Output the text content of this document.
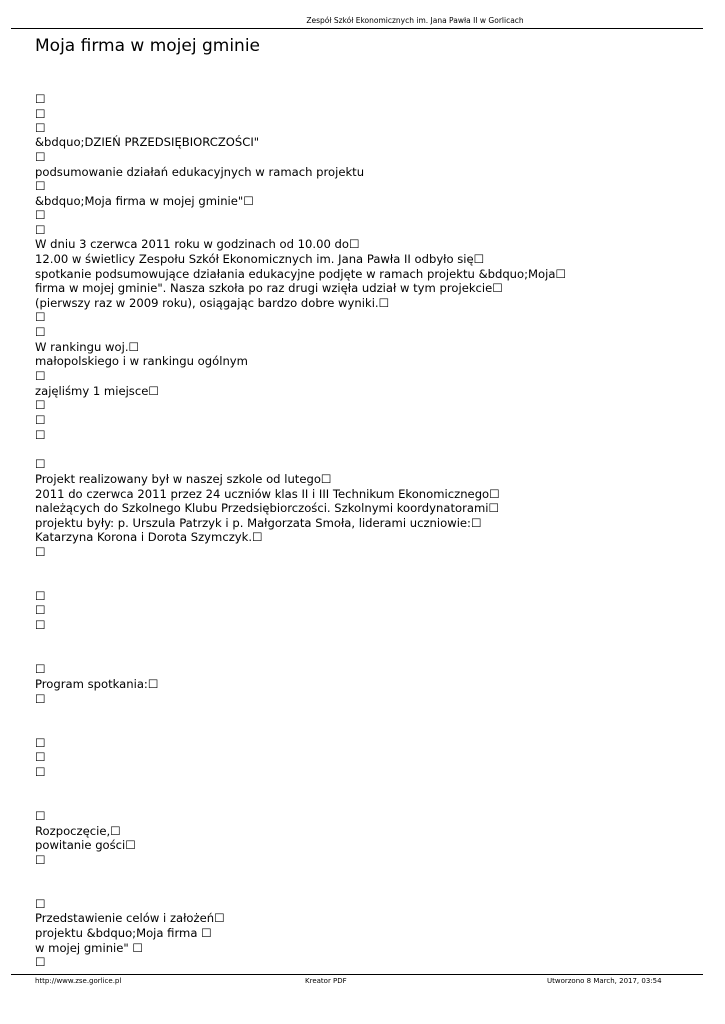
Zespół Szkół Ekonomicznych im. Jana Pawła II w Gorlicach
Moja firma w mojej gminie
☐
☐
☐
&bdquo;DZIEŃ PRZEDSIĘBIORCZOŚCI"
☐
podsumowanie działań edukacyjnych w ramach projektu
☐
&bdquo;Moja firma w mojej gminie"☐
☐
☐
W dniu 3 czerwca 2011 roku w godzinach od 10.00 do☐
12.00 w świetlicy Zespołu Szkół Ekonomicznych im. Jana Pawła II odbyło się☐
spotkanie podsumowujące działania edukacyjne podjęte w ramach projektu &bdquo;Moja☐
firma w mojej gminie". Nasza szkoła po raz drugi wzięła udział w tym projekcie☐
(pierwszy raz w 2009 roku), osiągając bardzo dobre wyniki.☐
☐
☐
W rankingu woj.☐
małopolskiego i w rankingu ogólnym
☐
zajęliśmy 1 miejsce☐
☐
☐
☐
☐
Projekt realizowany był w naszej szkole od lutego☐
2011 do czerwca 2011 przez 24 uczniów klas II i III Technikum Ekonomicznego☐
należących do Szkolnego Klubu Przedsiębiorczości. Szkolnymi koordynatorami☐
projektu były: p. Urszula Patrzyk i p. Małgorzata Smoła, liderami uczniowie:☐
Katarzyna Korona i Dorota Szymczyk.☐
☐
☐
☐
☐
☐
Program spotkania:☐
☐
☐
☐
☐
☐
Rozpoczęcie,☐
powitanie gości☐
☐
☐
Przedstawienie celów i założeń☐
projektu &bdquo;Moja firma ☐
w mojej gminie" ☐
☐
http://www.zse.gorlice.pl	Kreator PDF	Utworzono 8 March, 2017, 03:54
